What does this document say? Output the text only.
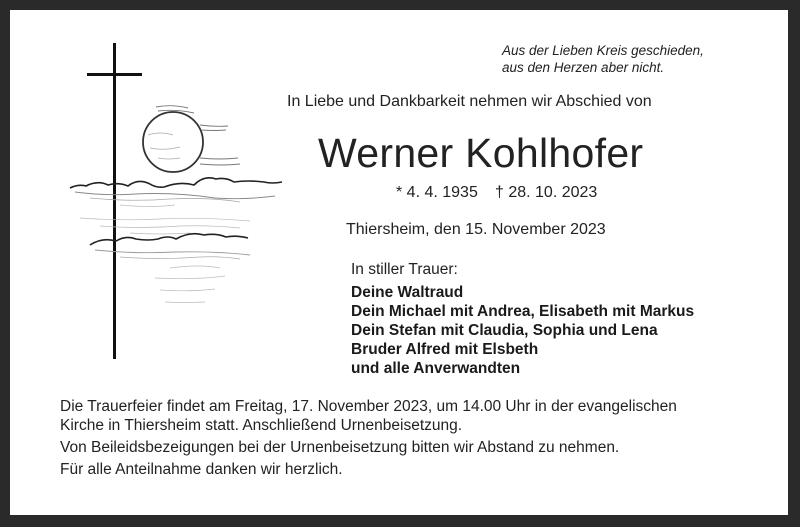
Aus der Lieben Kreis geschieden,
aus den Herzen aber nicht.
In Liebe und Dankbarkeit nehmen wir Abschied von
Werner Kohlhofer
* 4. 4. 1935 † 28. 10. 2023
Thiersheim, den 15. November 2023
In stiller Trauer:
Deine Waltraud
Dein Michael mit Andrea, Elisabeth mit Markus
Dein Stefan mit Claudia, Sophia und Lena
Bruder Alfred mit Elsbeth
und alle Anverwandten

Die Trauerfeier findet am Freitag, 17. November 2023, um 14.00 Uhr in der evangelischen
Kirche in Thiersheim statt. Anschließend Urnenbeisetzung.

Von Beileidsbezeigungen bei der Urnenbeisetzung bitten wir Abstand zu nehmen.

Für alle Anteilnahme danken wir herzlich.
